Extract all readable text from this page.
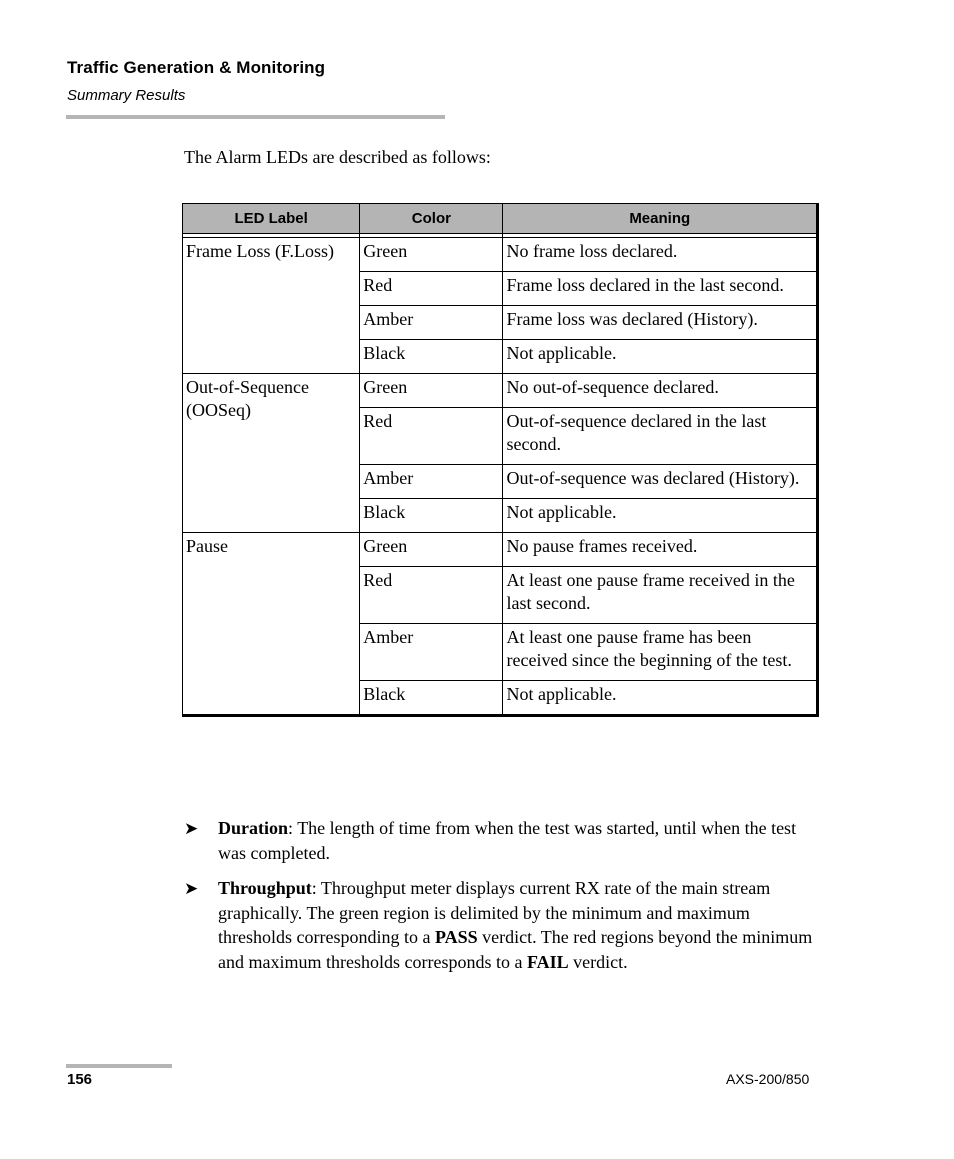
Traffic Generation & Monitoring
Summary Results
The Alarm LEDs are described as follows:
LED Label	Color	Meaning

Frame Loss (F.Loss)	Green	No frame loss declared.
	Red	Frame loss declared in the last second.
	Amber	Frame loss was declared (History).
	Black	Not applicable.
Out-of-Sequence (OOSeq)	Green	No out-of-sequence declared.
	Red	Out-of-sequence declared in the last second.
	Amber	Out-of-sequence was declared (History).
	Black	Not applicable.
Pause	Green	No pause frames received.
	Red	At least one pause frame received in the last second.
	Amber	At least one pause frame has been received since the beginning of the test.
	Black	Not applicable.
➤ Duration: The length of time from when the test was started, until when the test was completed.
➤ Throughput: Throughput meter displays current RX rate of the main stream graphically. The green region is delimited by the minimum and maximum thresholds corresponding to a PASS verdict. The red regions beyond the minimum and maximum thresholds corresponds to a FAIL verdict.
156	AXS-200/850
